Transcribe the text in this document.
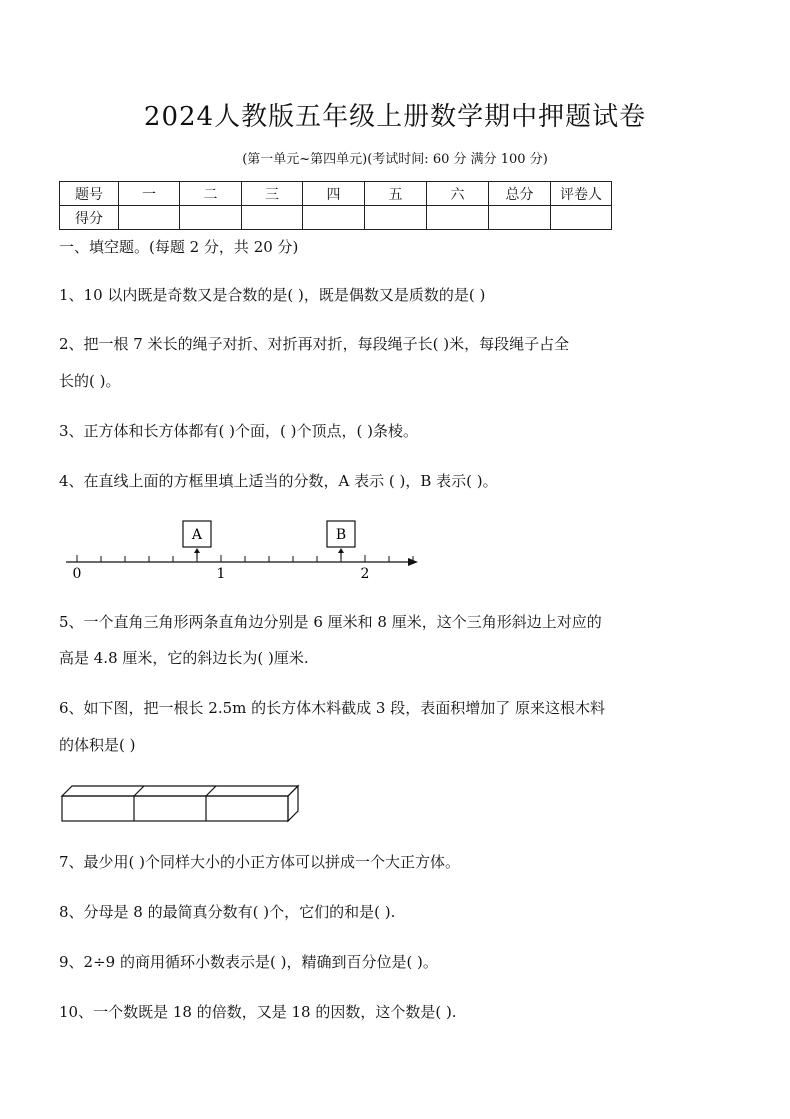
2024人教版五年级上册数学期中押题试卷
(第一单元~第四单元)(考试时间: 60 分 满分 100 分)
题号	一	二	三	四	五	六	总分	评卷人
得分								
一、填空题。(每题 2 分，共 20 分)
1、10 以内既是奇数又是合数的是( )，既是偶数又是质数的是( )
2、把一根 7 米长的绳子对折、对折再对折，每段绳子长( )米，每段绳子占全
长的( )。
3、正方体和长方体都有( )个面，( )个顶点，( )条棱。
4、在直线上面的方框里填上适当的分数，A 表示 ( )，B 表示( )。
0	1	2
A	B
5、一个直角三角形两条直角边分别是 6 厘米和 8 厘米，这个三角形斜边上对应的
高是 4.8 厘米，它的斜边长为( )厘米.
6、如下图，把一根长 2.5m 的长方体木料截成 3 段，表面积增加了 原来这根木料
的体积是( )
7、最少用( )个同样大小的小正方体可以拼成一个大正方体。
8、分母是 8 的最简真分数有( )个，它们的和是( ).
9、2÷9 的商用循环小数表示是( )，精确到百分位是( )。
10、一个数既是 18 的倍数，又是 18 的因数，这个数是( ).
